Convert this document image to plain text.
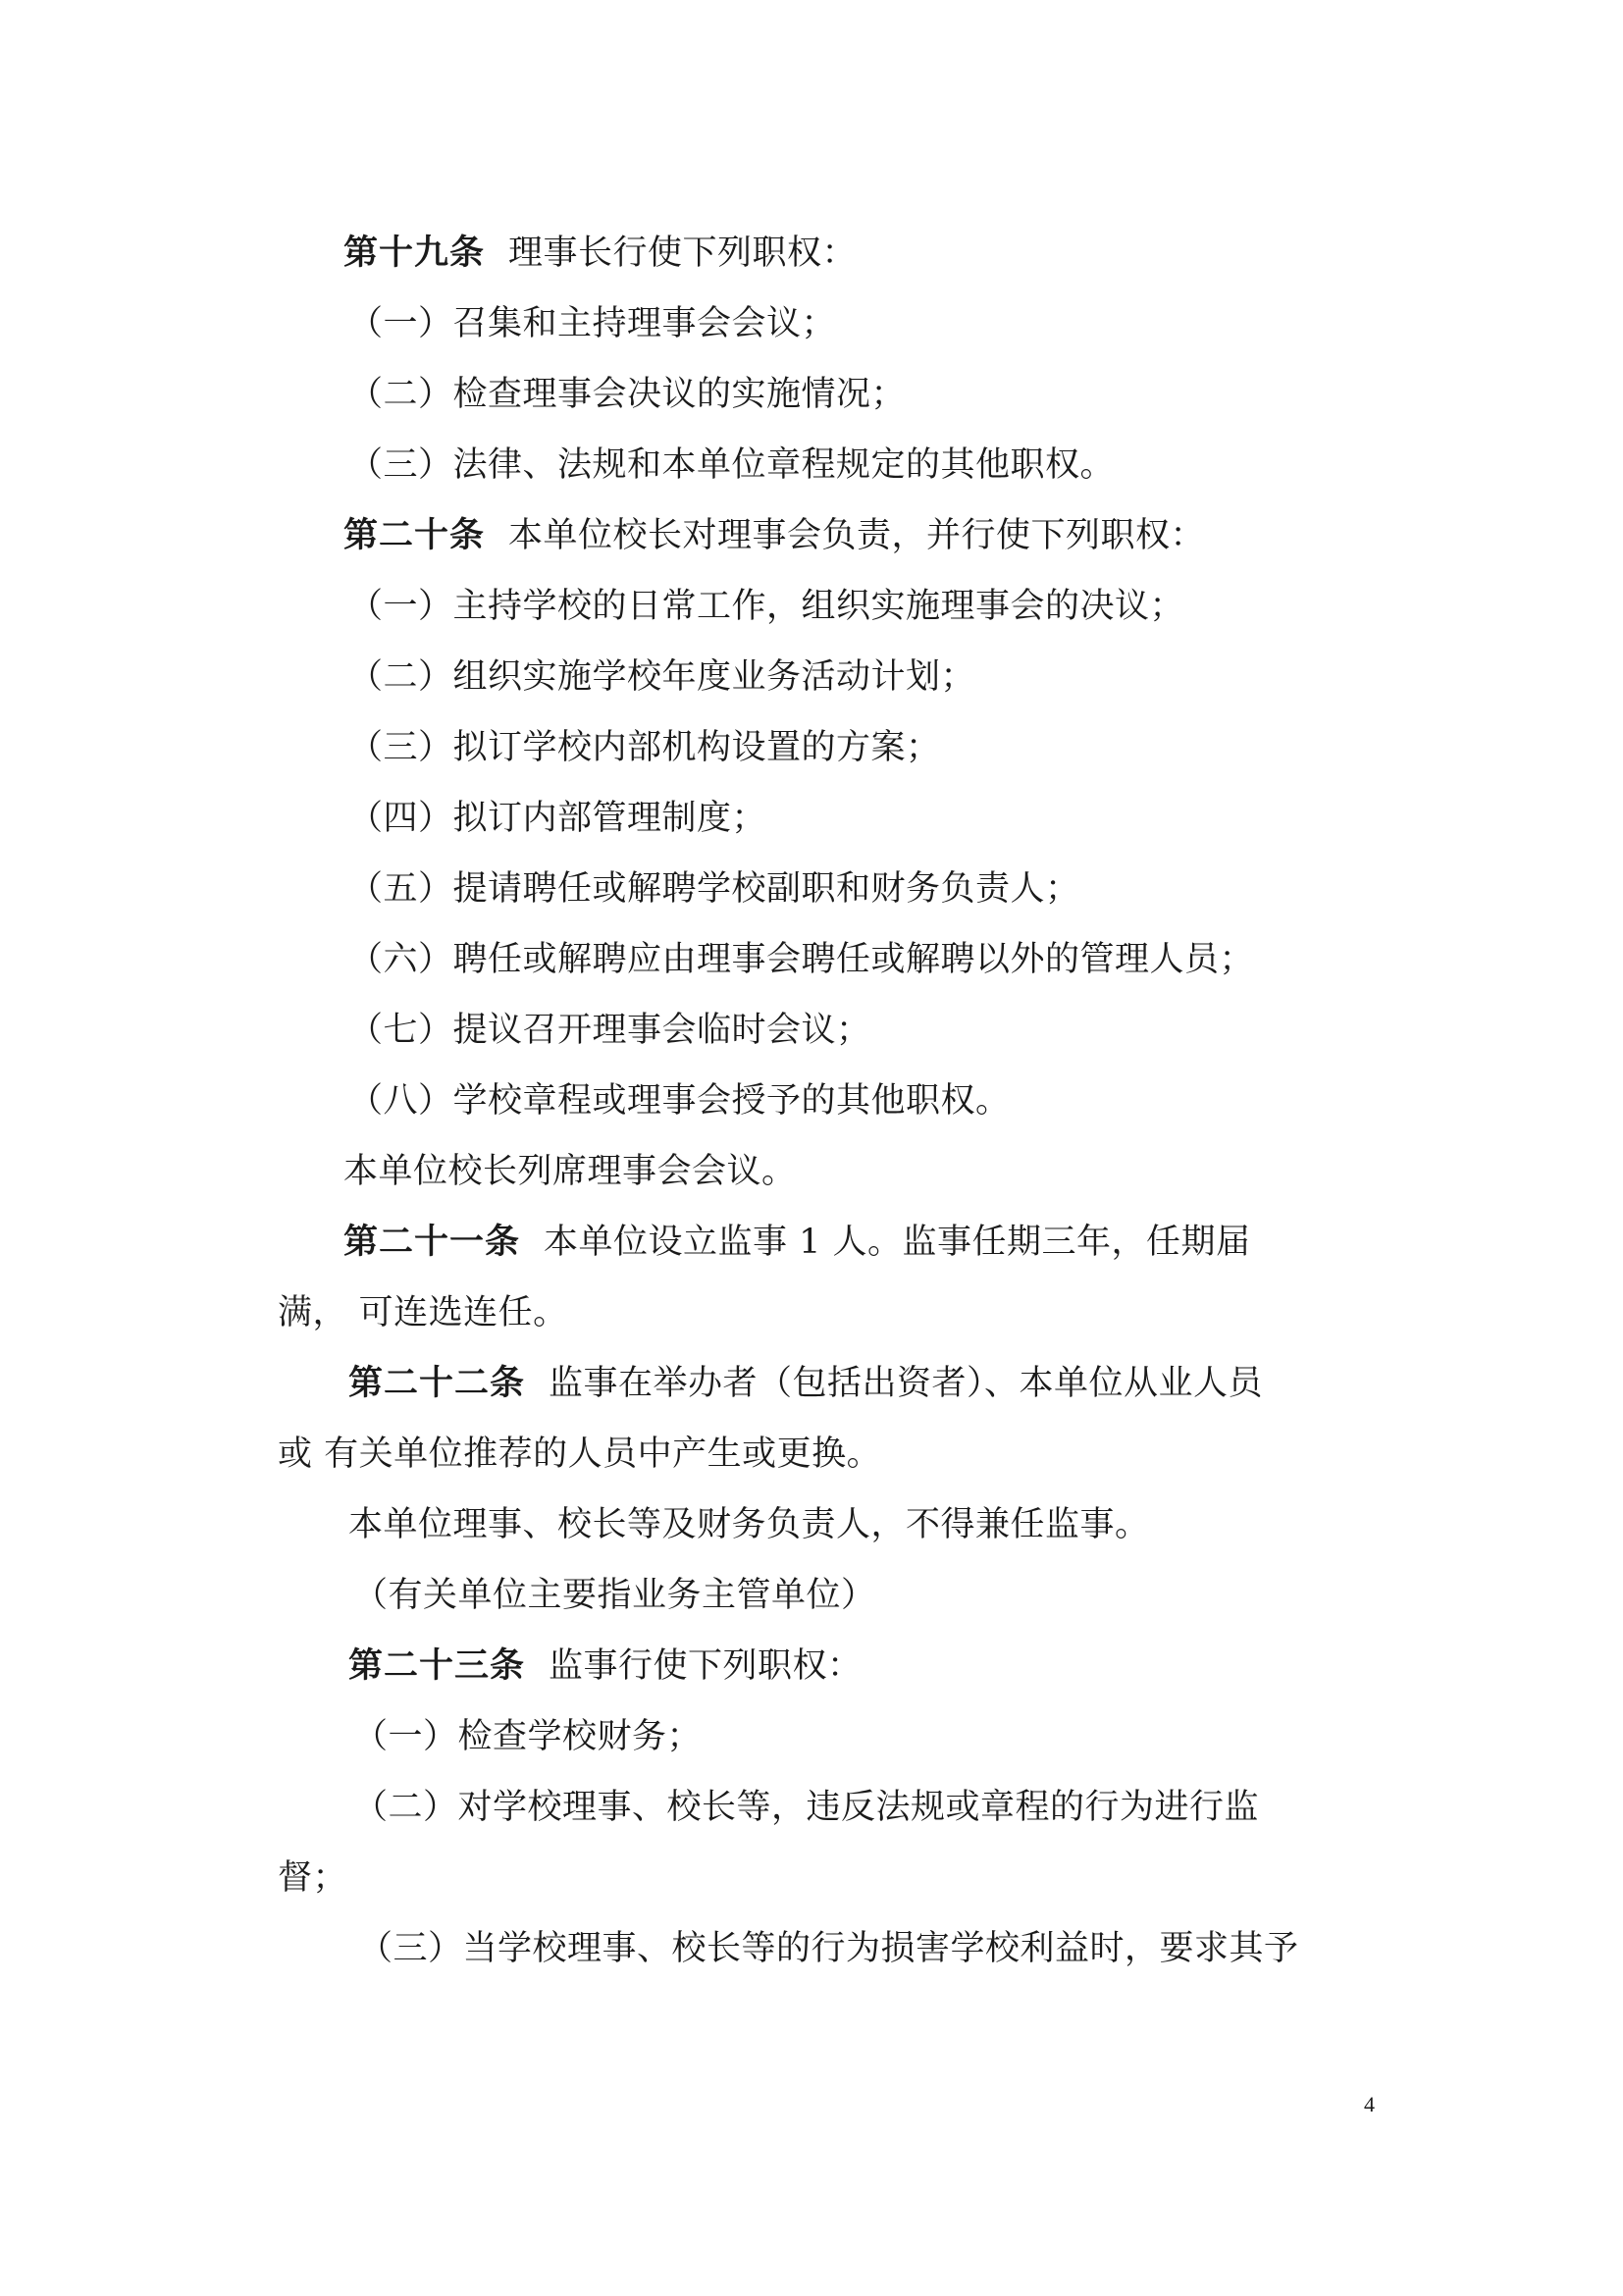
第十九条 理事长行使下列职权：
（一）召集和主持理事会会议；
（二）检查理事会决议的实施情况；
（三）法律、法规和本单位章程规定的其他职权。
第二十条 本单位校长对理事会负责，并行使下列职权：
（一）主持学校的日常工作，组织实施理事会的决议；
（二）组织实施学校年度业务活动计划；
（三）拟订学校内部机构设置的方案；
（四）拟订内部管理制度；
（五）提请聘任或解聘学校副职和财务负责人；
（六）聘任或解聘应由理事会聘任或解聘以外的管理人员；
（七）提议召开理事会临时会议；
（八）学校章程或理事会授予的其他职权。
本单位校长列席理事会会议。
第二十一条 本单位设立监事 1 人。监事任期三年，任期届
满， 可连选连任。
第二十二条 监事在举办者（包括出资者）、本单位从业人员
或 有关单位推荐的人员中产生或更换。
本单位理事、校长等及财务负责人，不得兼任监事。
（有关单位主要指业务主管单位）
第二十三条 监事行使下列职权：
（一）检查学校财务；
（二）对学校理事、校长等，违反法规或章程的行为进行监
督；
（三）当学校理事、校长等的行为损害学校利益时，要求其予
4
